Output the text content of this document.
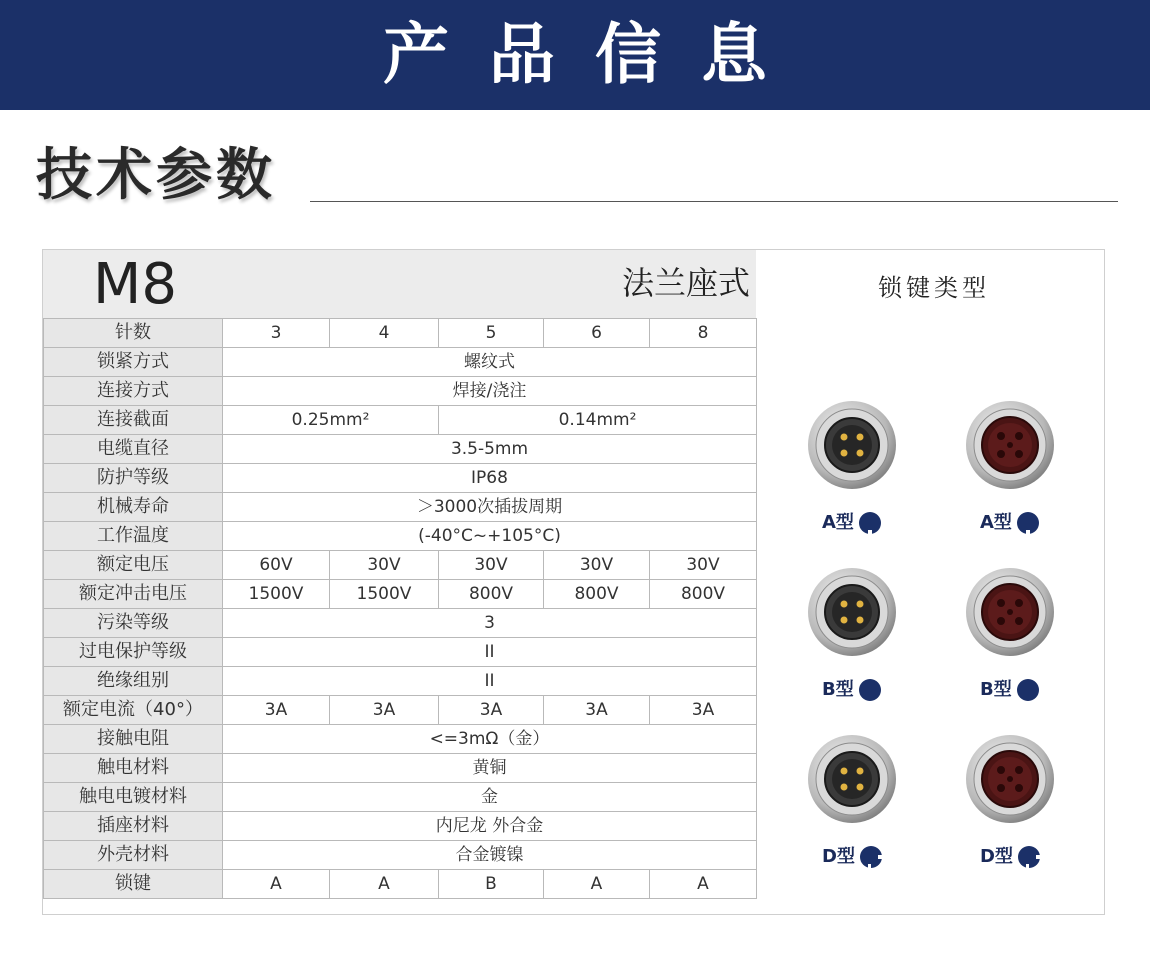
产品信息
技术参数
M8	法兰座式
针数	3	4	5	6	8
锁紧方式	螺纹式				
连接方式	焊接/浇注				
连接截面	0.25mm²		0.14mm²		
电缆直径	3.5-5mm				
防护等级	IP68				
机械寿命	＞3000次插拔周期				
工作温度	(-40°C~+105°C)				
额定电压	60V	30V	30V	30V	30V
额定冲击电压	1500V	1500V	800V	800V	800V
污染等级	3				
过电保护等级	II				
绝缘组别	II				
额定电流（40°）	3A	3A	3A	3A	3A
接触电阻	<=3mΩ（金）				
触电材料	黄铜				
触电电镀材料	金				
插座材料	内尼龙 外合金				
外壳材料	合金镀镍				
锁键	A	A	B	A	A
锁键类型
A型	A型
B型	B型
D型	D型
